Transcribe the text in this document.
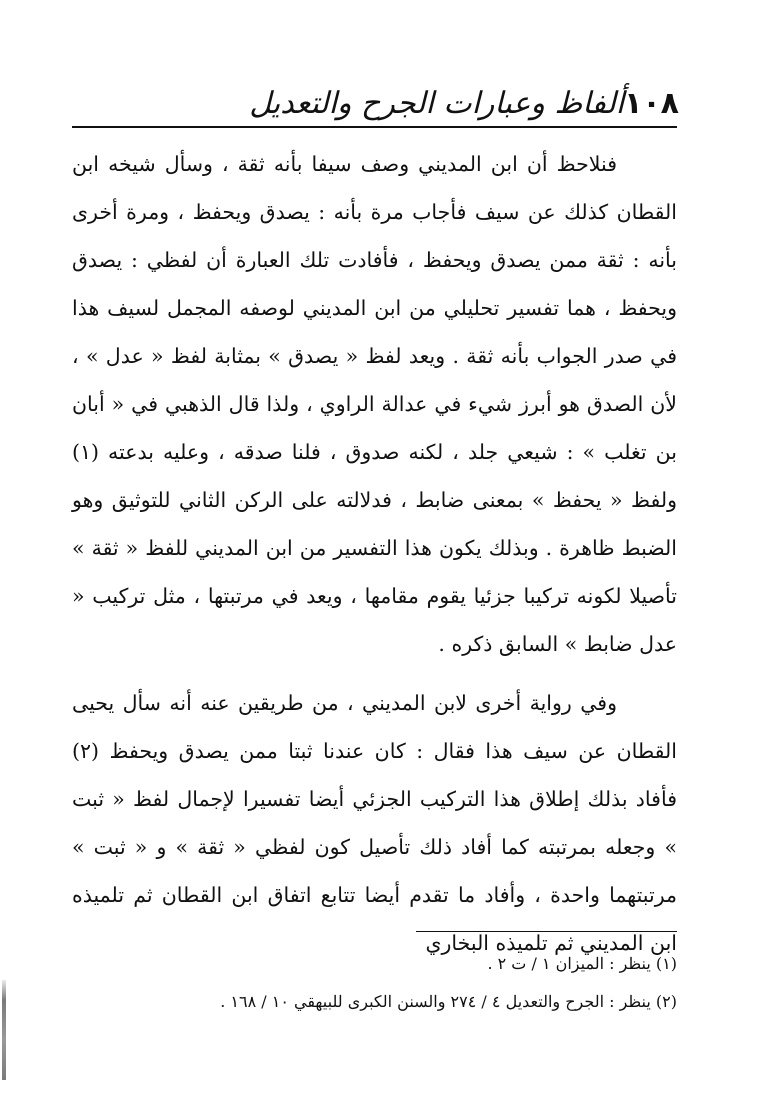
١٠٨
ألفاظ وعبارات الجرح والتعديل

فنلاحظ أن ابن المديني وصف سيفا بأنه ثقة ، وسأل شيخه ابن القطان كذلك عن سيف فأجاب مرة بأنه : يصدق ويحفظ ، ومرة أخرى بأنه : ثقة ممن يصدق ويحفظ ، فأفادت تلك العبارة أن لفظي : يصدق ويحفظ ، هما تفسير تحليلي من ابن المديني لوصفه المجمل لسيف هذا في صدر الجواب بأنه ثقة . ويعد لفظ « يصدق » بمثابة لفظ « عدل » ، لأن الصدق هو أبرز شيء في عدالة الراوي ، ولذا قال الذهبي في « أبان بن تغلب » : شيعي جلد ، لكنه صدوق ، فلنا صدقه ، وعليه بدعته (١) ولفظ « يحفظ » بمعنى ضابط ، فدلالته على الركن الثاني للتوثيق وهو الضبط ظاهرة . وبذلك يكون هذا التفسير من ابن المديني للفظ « ثقة » تأصيلا لكونه تركيبا جزئيا يقوم مقامها ، ويعد في مرتبتها ، مثل تركيب « عدل ضابط » السابق ذكره .

وفي رواية أخرى لابن المديني ، من طريقين عنه أنه سأل يحيى القطان عن سيف هذا فقال : كان عندنا ثبتا ممن يصدق ويحفظ (٢) فأفاد بذلك إطلاق هذا التركيب الجزئي أيضا تفسيرا لإجمال لفظ « ثبت » وجعله بمرتبته كما أفاد ذلك تأصيل كون لفظي « ثقة » و « ثبت » مرتبتهما واحدة ، وأفاد ما تقدم أيضا تتابع اتفاق ابن القطان ثم تلميذه ابن المديني ثم تلميذه البخاري

(١) ينظر : الميزان ١ / ت ٢ .

(٢) ينظر : الجرح والتعديل ٤ / ٢٧٤ والسنن الكبرى للبيهقي ١٠ / ١٦٨ .
